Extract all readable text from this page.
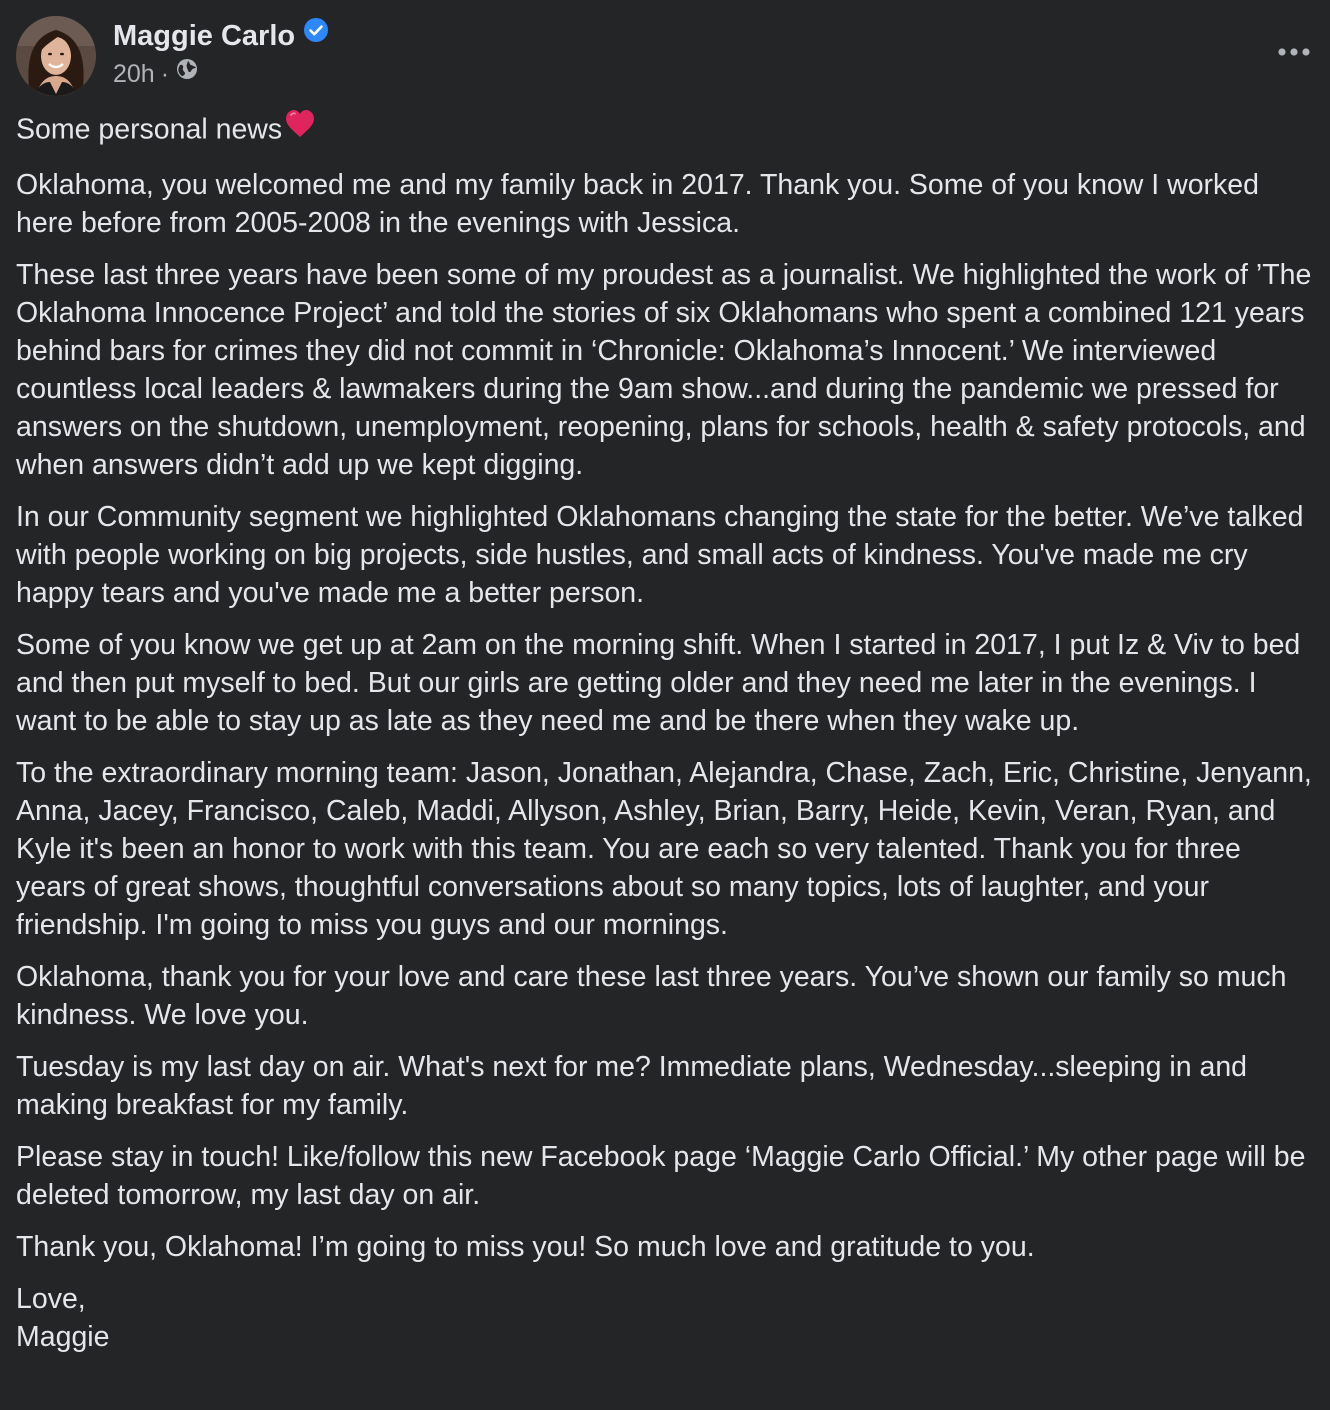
Maggie Carlo
20h ·

Some personal news

Oklahoma, you welcomed me and my family back in 2017. Thank you. Some of you know I worked here before from 2005-2008 in the evenings with Jessica.

These last three years have been some of my proudest as a journalist. We highlighted the work of ’The Oklahoma Innocence Project’ and told the stories of six Oklahomans who spent a combined 121 years behind bars for crimes they did not commit in ‘Chronicle: Oklahoma’s Innocent.’ We interviewed countless local leaders & lawmakers during the 9am show...and during the pandemic we pressed for answers on the shutdown, unemployment, reopening, plans for schools, health & safety protocols, and when answers didn’t add up we kept digging.

In our Community segment we highlighted Oklahomans changing the state for the better. We’ve talked with people working on big projects, side hustles, and small acts of kindness. You've made me cry happy tears and you've made me a better person.

Some of you know we get up at 2am on the morning shift. When I started in 2017, I put Iz & Viv to bed and then put myself to bed. But our girls are getting older and they need me later in the evenings. I want to be able to stay up as late as they need me and be there when they wake up.

To the extraordinary morning team: Jason, Jonathan, Alejandra, Chase, Zach, Eric, Christine, Jenyann, Anna, Jacey, Francisco, Caleb, Maddi, Allyson, Ashley, Brian, Barry, Heide, Kevin, Veran, Ryan, and Kyle it's been an honor to work with this team. You are each so very talented. Thank you for three years of great shows, thoughtful conversations about so many topics, lots of laughter, and your friendship. I'm going to miss you guys and our mornings.

Oklahoma, thank you for your love and care these last three years. You’ve shown our family so much kindness. We love you.

Tuesday is my last day on air. What's next for me? Immediate plans, Wednesday...sleeping in and making breakfast for my family.

Please stay in touch! Like/follow this new Facebook page ‘Maggie Carlo Official.’ My other page will be deleted tomorrow, my last day on air.

Thank you, Oklahoma! I’m going to miss you! So much love and gratitude to you.

Love,
Maggie
